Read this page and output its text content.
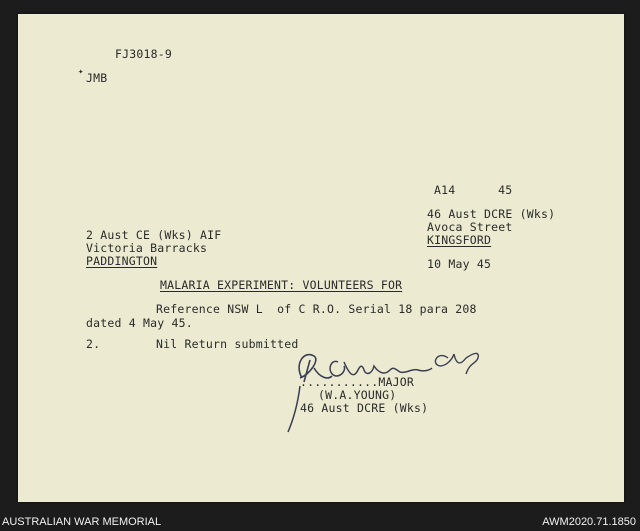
FJ3018-9
JMB
✦
A14      45
46 Aust DCRE (Wks)
Avoca Street
KINGSFORD
2 Aust CE (Wks) AIF
Victoria Barracks
PADDINGTON	10 May 45
MALARIA EXPERIMENT: VOLUNTEERS FOR
Reference NSW L  of C R.O. Serial 18 para 208
dated 4 May 45.
2.	Nil Return submitted
...........MAJOR
(W.A.YOUNG)
46 Aust DCRE (Wks)
AUSTRALIAN WAR MEMORIAL	AWM2020.71.1850
